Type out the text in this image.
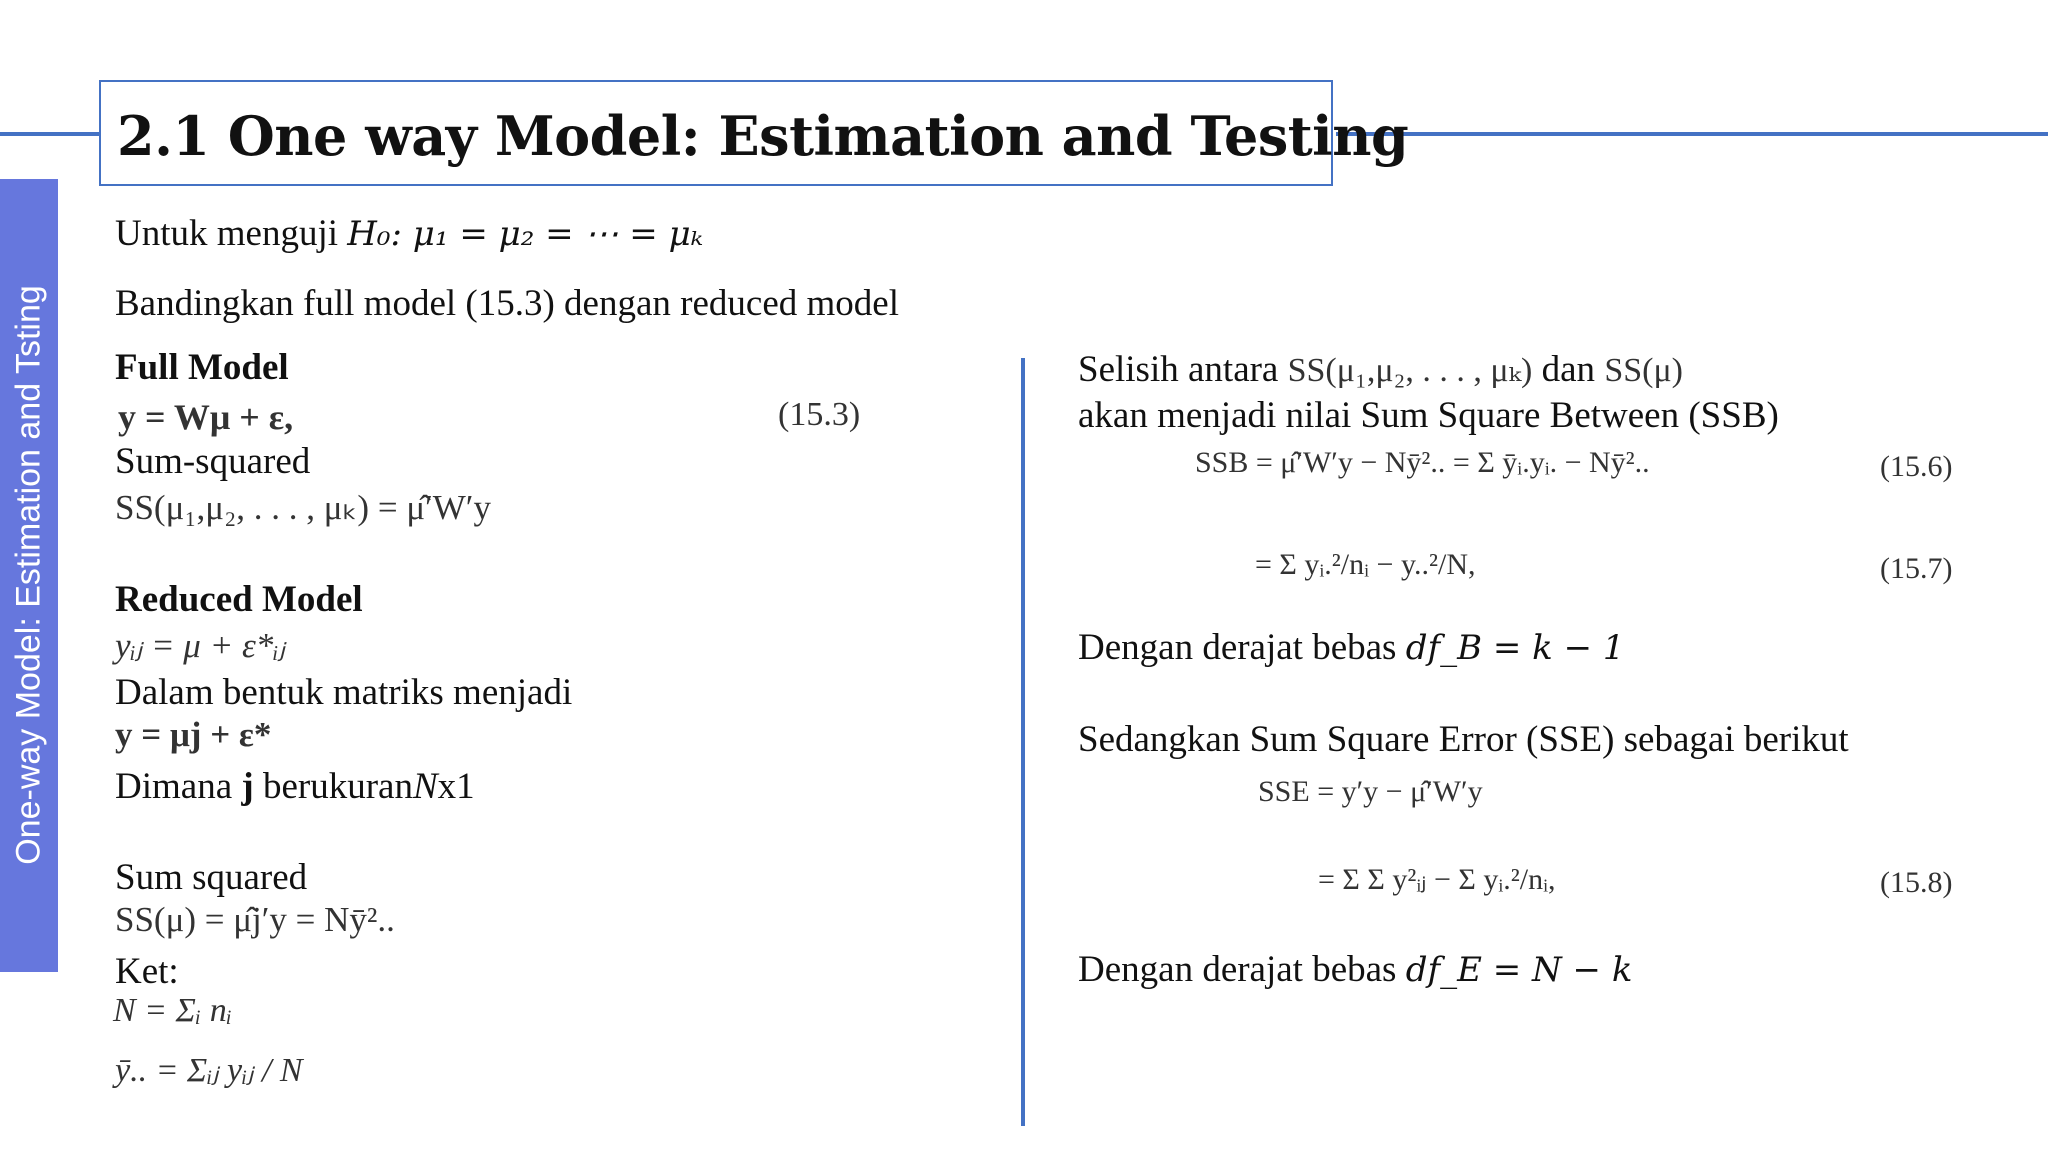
2.1 One way Model: Estimation and Testing
One-way Model: Estimation and Tsting
Untuk menguji H₀: μ₁ = μ₂ = ⋯ = μₖ
Bandingkan full model (15.3) dengan reduced model
Full Model
y = Wμ + ε,	(15.3)
Sum-squared
SS(μ₁,μ₂, . . . , μₖ) = μ̂′W′y
Reduced Model
yᵢⱼ = μ + ε*ᵢⱼ
Dalam bentuk matriks menjadi
y = μj + ε*
Dimana j berukuranNx1
Sum squared
SS(μ) = μ̂j′y = Nȳ²..
Ket:
N = Σᵢ nᵢ
ȳ.. = Σᵢⱼ yᵢⱼ / N
Selisih antara SS(μ₁,μ₂, . . . , μₖ) dan SS(μ)
akan menjadi nilai Sum Square Between (SSB)
SSB = μ̂′W′y − Nȳ².. = Σ ȳᵢ.yᵢ. − Nȳ²..	(15.6)
= Σ yᵢ.²/nᵢ − y..²/N,	(15.7)
Dengan derajat bebas df_B = k − 1
Sedangkan Sum Square Error (SSE) sebagai berikut
SSE = y′y − μ̂′W′y
= Σ Σ y²ᵢⱼ − Σ yᵢ.²/nᵢ,	(15.8)
Dengan derajat bebas df_E = N − k
